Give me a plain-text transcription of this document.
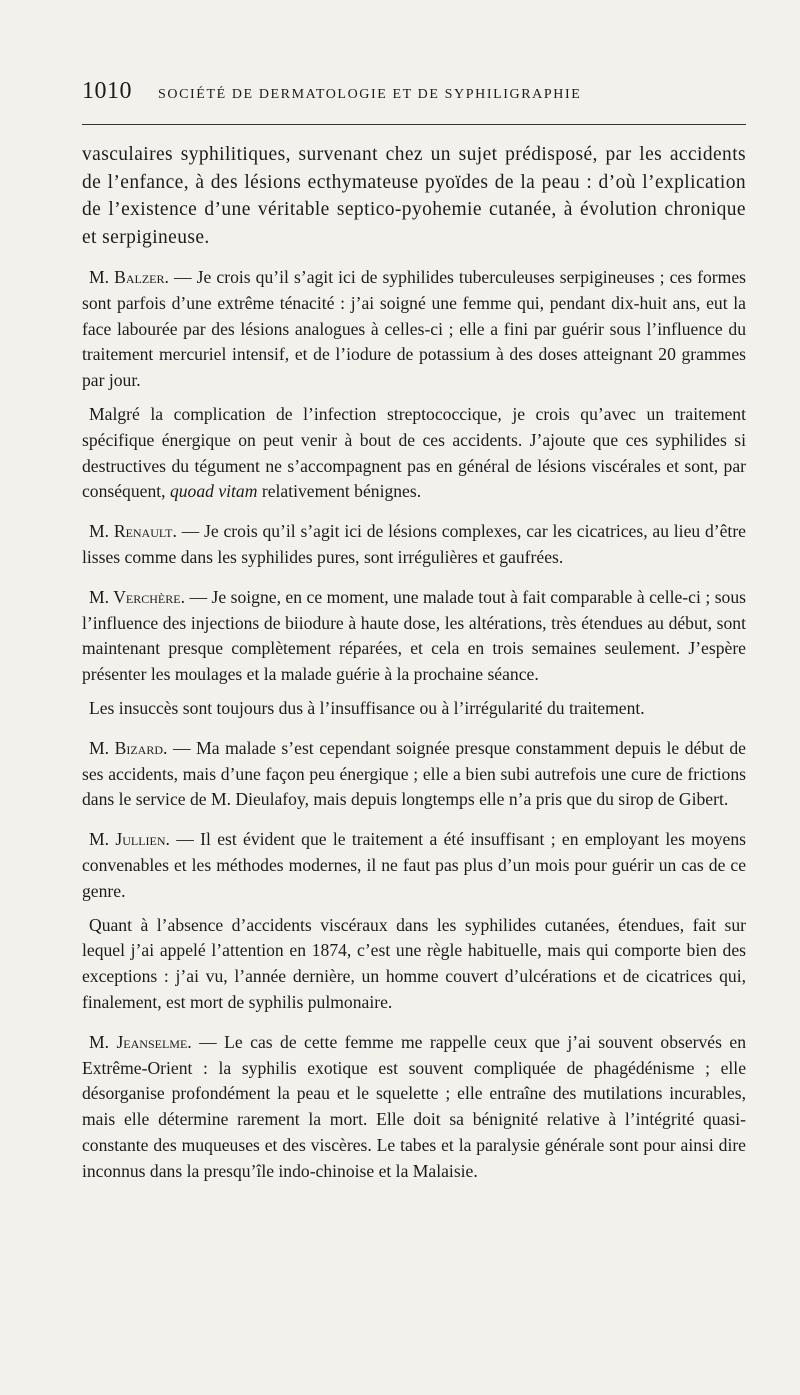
1010 SOCIÉTÉ DE DERMATOLOGIE ET DE SYPHILIGRAPHIE

vasculaires syphilitiques, survenant chez un sujet prédisposé, par les accidents de l’enfance, à des lésions ecthymateuse pyoïdes de la peau : d’où l’explication de l’existence d’une véritable septico-pyohemie cutanée, à évolution chronique et serpigineuse.

M. Balzer. — Je crois qu’il s’agit ici de syphilides tuberculeuses serpigineuses ; ces formes sont parfois d’une extrême ténacité : j’ai soigné une femme qui, pendant dix-huit ans, eut la face labourée par des lésions analogues à celles-ci ; elle a fini par guérir sous l’influence du traitement mercuriel intensif, et de l’iodure de potassium à des doses atteignant 20 grammes par jour.

Malgré la complication de l’infection streptococcique, je crois qu’avec un traitement spécifique énergique on peut venir à bout de ces accidents. J’ajoute que ces syphilides si destructives du tégument ne s’accompagnent pas en général de lésions viscérales et sont, par conséquent, quoad vitam relativement bénignes.

M. Renault. — Je crois qu’il s’agit ici de lésions complexes, car les cicatrices, au lieu d’être lisses comme dans les syphilides pures, sont irrégulières et gaufrées.

M. Verchère. — Je soigne, en ce moment, une malade tout à fait comparable à celle-ci ; sous l’influence des injections de biiodure à haute dose, les altérations, très étendues au début, sont maintenant presque complètement réparées, et cela en trois semaines seulement. J’espère présenter les moulages et la malade guérie à la prochaine séance.

Les insuccès sont toujours dus à l’insuffisance ou à l’irrégularité du traitement.

M. Bizard. — Ma malade s’est cependant soignée presque constamment depuis le début de ses accidents, mais d’une façon peu énergique ; elle a bien subi autrefois une cure de frictions dans le service de M. Dieulafoy, mais depuis longtemps elle n’a pris que du sirop de Gibert.

M. Jullien. — Il est évident que le traitement a été insuffisant ; en employant les moyens convenables et les méthodes modernes, il ne faut pas plus d’un mois pour guérir un cas de ce genre.

Quant à l’absence d’accidents viscéraux dans les syphilides cutanées, étendues, fait sur lequel j’ai appelé l’attention en 1874, c’est une règle habituelle, mais qui comporte bien des exceptions : j’ai vu, l’année dernière, un homme couvert d’ulcérations et de cicatrices qui, finalement, est mort de syphilis pulmonaire.

M. Jeanselme. — Le cas de cette femme me rappelle ceux que j’ai souvent observés en Extrême-Orient : la syphilis exotique est souvent compliquée de phagédénisme ; elle désorganise profondément la peau et le squelette ; elle entraîne des mutilations incurables, mais elle détermine rarement la mort. Elle doit sa bénignité relative à l’intégrité quasi-constante des muqueuses et des viscères. Le tabes et la paralysie générale sont pour ainsi dire inconnus dans la presqu’île indo-chinoise et la Malaisie.
